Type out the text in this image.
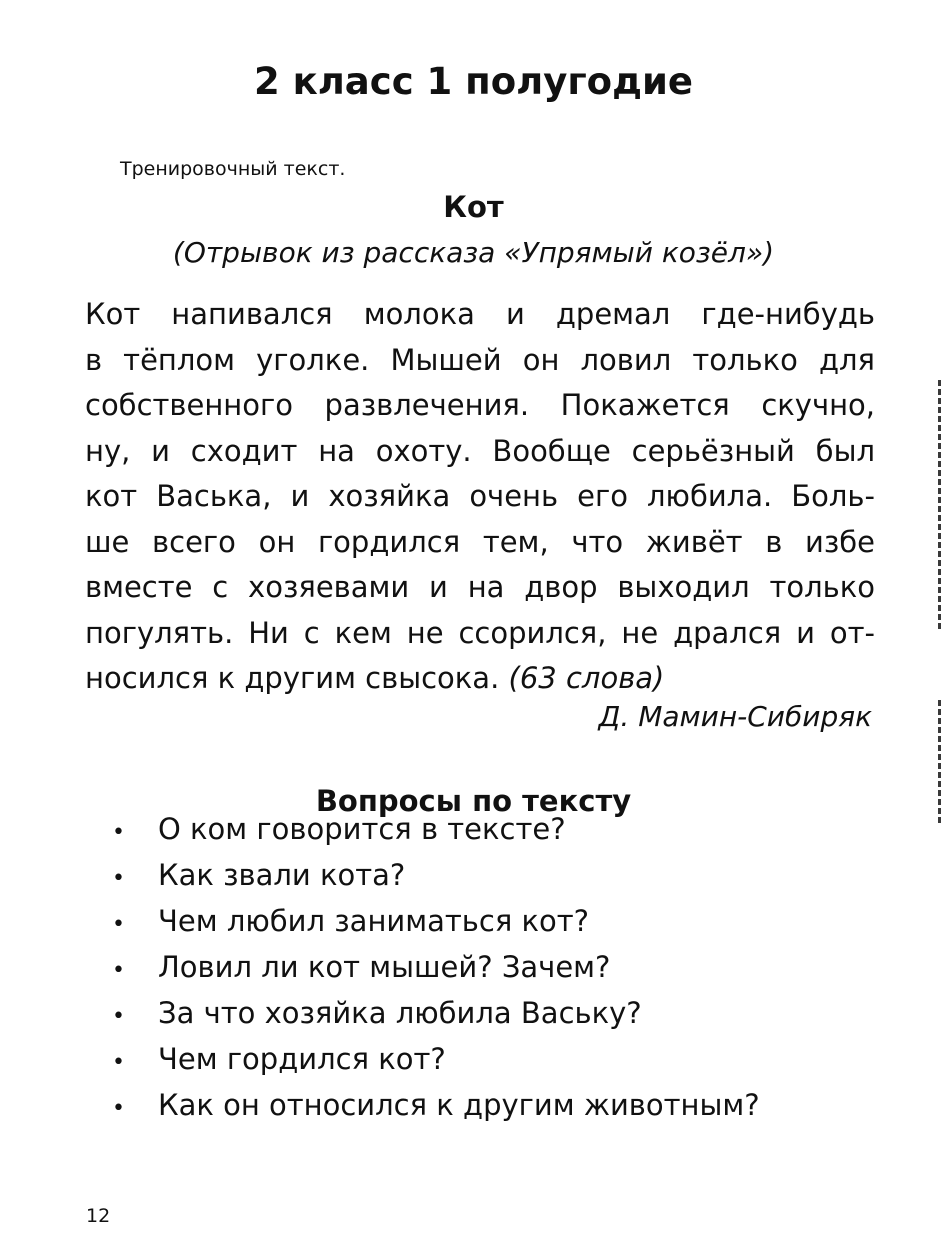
2 класс 1 полугодие
Тренировочный текст.
Кот
(Отрывок из рассказа «Упрямый козёл»)
Кот напивался молока и дремал где-нибудь
в тёплом уголке. Мышей он ловил только для
собственного развлечения. Покажется скучно,
ну, и сходит на охоту. Вообще серьёзный был
кот Васька, и хозяйка очень его любила. Боль-
ше всего он гордился тем, что живёт в избе
вместе с хозяевами и на двор выходил только
погулять. Ни с кем не ссорился, не дрался и от-
носился к другим свысока. (63 слова)
Д. Мамин-Сибиряк
Вопросы по тексту
• О ком говорится в тексте?
• Как звали кота?
• Чем любил заниматься кот?
• Ловил ли кот мышей? Зачем?
• За что хозяйка любила Ваську?
• Чем гордился кот?
• Как он относился к другим животным?
12
